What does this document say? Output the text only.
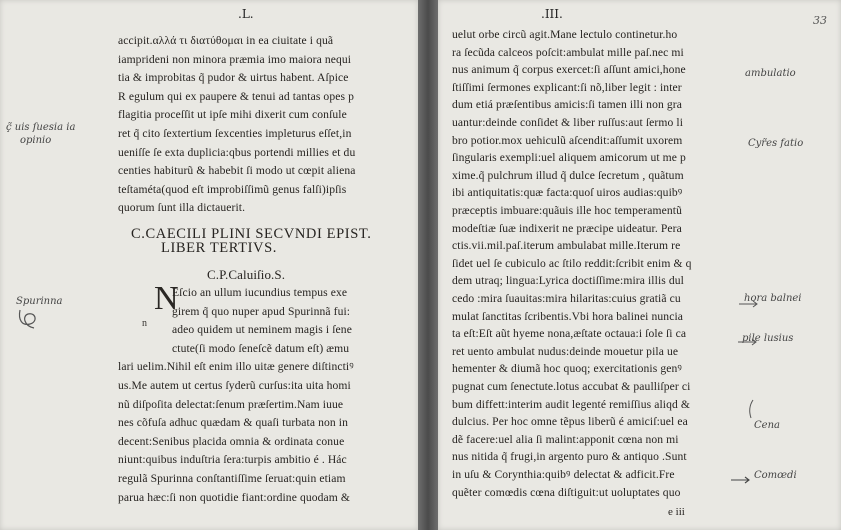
.L.
accipit.αλλά τι διατύθομαι in ea ciuitate i quã
iamprideni non minora præmia imo maiora nequi
tia & improbitas q̃ pudor & uirtus habent. Aſpice
R egulum qui ex paupere & tenui ad tantas opes p
flagitia proceſſit ut ipſe mihi dixerit cum conſule
ret q̃ cito ſextertium ſexcenties impleturus eſſet,in
ueniſſe ſe exta duplicia:qbus portendi millies et du
centies habiturũ & habebit ſi modo ut cœpit aliena
teſtaméta(quod eſt improbiſſimũ genus falſi)ipſis
quorum ſunt illa dictauerit.
C.CAECILI PLINI SECVNDI EPIST.
LIBER TERTIVS.
C.P.Caluiſio.S.
N
n
Eſcio an ullum iucundius tempus exe
girem q̃ quo nuper apud Spurinnã fui:
adeo quidem ut neminem magis i ſene
ctute(ſi modo ſeneſcẽ datum eſt) æmu
lari uelim.Nihil eſt enim illo uitæ genere diſtinctiꝰ
us.Me autem ut certus ſyderũ curſus:ita uita homi
nũ diſpoſita delectat:ſenum præſertim.Nam iuue
nes cõfuſa adhuc quædam & quaſi turbata non in
decent:Senibus placida omnia & ordinata conue
niunt:quibus induſtria ſera:turpis ambitio é . Hác
regulã Spurinna conſtantiſſime ſeruat:quin etiam
parua hæc:ſi non quotidie fiant:ordine quodam &
ç̃ uis ſuesia ia
opinio
Spurinna
.III.	33
uelut orbe circũ agit.Mane lectulo continetur.ho
ra ſecũda calceos poſcit:ambulat mille paſ.nec mi
nus animum q̃ corpus exercet:ſi aſſunt amici,hone
ſtiſſimi ſermones explicant:ſi nõ,liber legit : inter
dum etiá præſentibus amicis:ſi tamen illi non gra
uantur:deinde conſidet & liber ruſſus:aut ſermo li
bro potior.mox uehiculũ aſcendit:aſſumit uxorem
ſingularis exempli:uel aliquem amicorum ut me p
xime.q̃ pulchrum illud q̃ dulce ſecretum , quãtum
ibi antiquitatis:quæ facta:quoſ uiros audias:quibꝰ
præceptis imbuare:quãuis ille hoc temperamentũ
modeſtiæ ſuæ indixerit ne præcipe uideatur. Pera
ctis.vii.mil.paſ.iterum ambulabat mille.Iterum re
ſidet uel ſe cubiculo ac ſtilo reddit:ſcribit enim & q
dem utraq; lingua:Lyrica doctiſſime:mira illis dul
cedo :mira ſuauitas:mira hilaritas:cuius gratiã cu
mulat ſanctitas ſcribentis.Vbi hora balinei nuncia
ta eſt:Eſt aũt hyeme nona,æſtate octaua:i ſole ſi ca
ret uento ambulat nudus:deinde mouetur pila ue
hementer & diumã hoc quoq; exercitationis genꝰ
pugnat cum ſenectute.lotus accubat & paulliſper ci
bum diffett:interim audit legenté remiſſius aliqd &
dulcius. Per hoc omne tẽpus liberũ é amiciſ:uel ea
dẽ facere:uel alia ſi malint:apponit cœna non mi
nus nitida q̃ frugi,in argento puro & antiquo .Sunt
in uſu & Corynthia:quibꝰ delectat & adficit.Fre
quẽter comœdis cœna diſtiguit:ut uoluptates quo
e iii
ambulatio
Cyr̃es fatio
hora balnei
pile lusius
Cena
Comœdi
